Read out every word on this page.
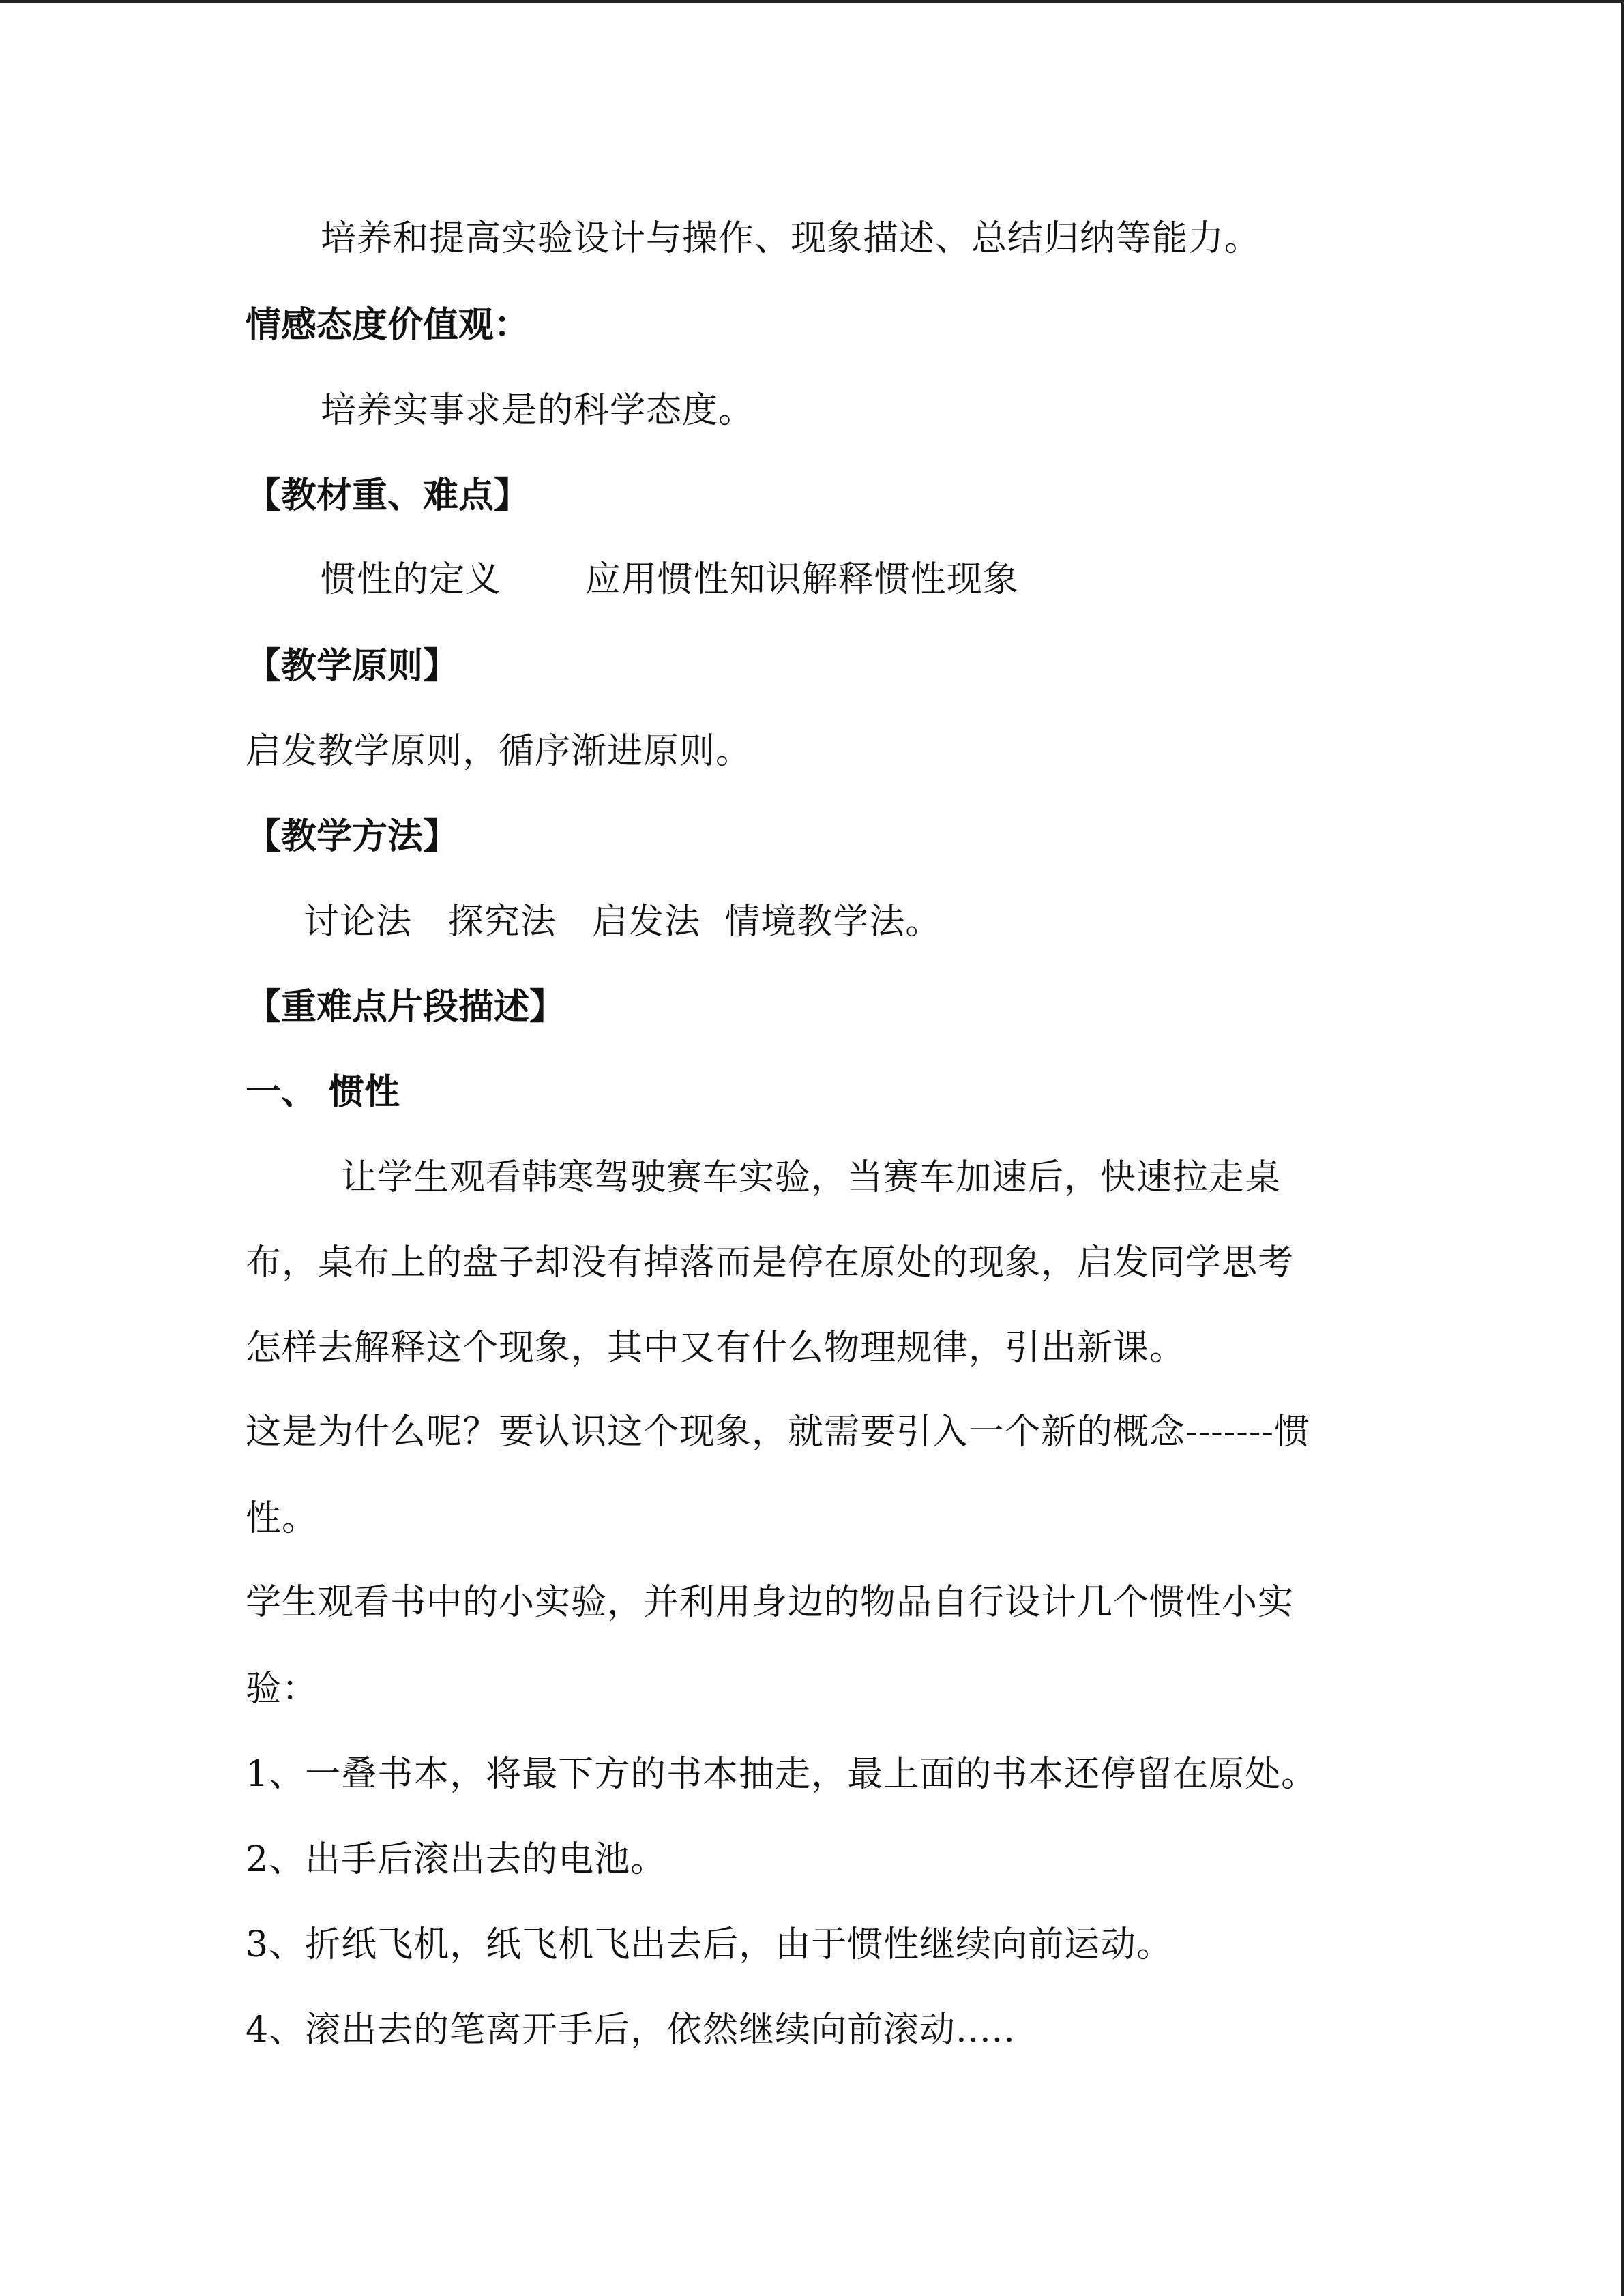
培养和提高实验设计与操作、现象描述、总结归纳等能力。
情感态度价值观：
培养实事求是的科学态度。
【教材重、难点】
惯性的定义       应用惯性知识解释惯性现象
【教学原则】
启发教学原则，循序渐进原则。
【教学方法】
讨论法   探究法   启发法  情境教学法。
【重难点片段描述】
一、 惯性
让学生观看韩寒驾驶赛车实验，当赛车加速后，快速拉走桌
布，桌布上的盘子却没有掉落而是停在原处的现象，启发同学思考
怎样去解释这个现象，其中又有什么物理规律，引出新课。
这是为什么呢？要认识这个现象，就需要引入一个新的概念-------惯
性。
学生观看书中的小实验，并利用身边的物品自行设计几个惯性小实
验：
1、一叠书本，将最下方的书本抽走，最上面的书本还停留在原处。
2、出手后滚出去的电池。
3、折纸飞机，纸飞机飞出去后，由于惯性继续向前运动。
4、滚出去的笔离开手后，依然继续向前滚动.....
